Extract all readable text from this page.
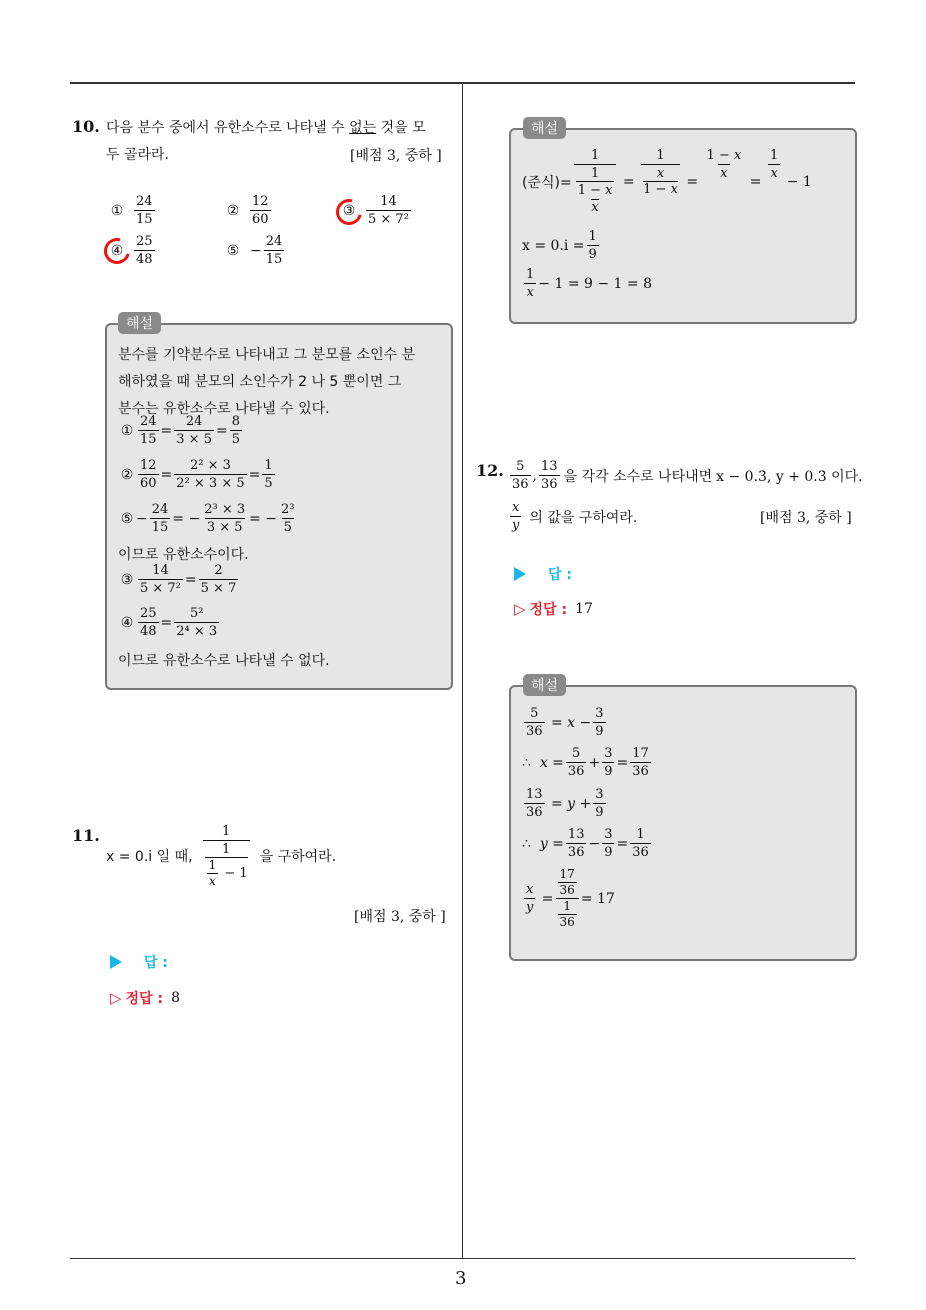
3
10. 다음 분수 중에서 유한소수로 나타낼 수 없는 것을 모
두 골라라.	[배점 3, 중하 ]
① $\frac{24}{15}$	② $\frac{12}{60}$	③ $\frac{14}{\text{5 × 7²}}$
④ $\frac{25}{48}$	⑤ − $\frac{24}{15}$
해설
분수를 기약분수로 나타내고 그 분모를 소인수 분
해하였을 때 분모의 소인수가 2 나 5 뿐이면 그
분수는 유한소수로 나타낼 수 있다.
① $\frac{24}{15} = \frac{24}{3 \times 5} = \frac{8}{5}$
② $\frac{12}{60} = \frac{\text{2² × 3}}{\text{2² × 3 × 5}} = \frac{1}{5}$
⑤ − $\frac{24}{15}$ = − $\frac{\text{2³ × 3}}{3 \times 5}$ = − $\frac{\text{2³}}{5}$
이므로 유한소수이다.
③ $\frac{14}{\text{5 × 7²}} = \frac{2}{5 \times 7}$
④ $\frac{25}{48} = \frac{\text{5²}}{\text{2⁴ × 3}}$
이므로 유한소수로 나타낼 수 없다.
11.
x = 0.i 일 때, 1
1
$\frac{1}{x} - 1$ 을 구하여라.
[배점 3, 중하 ]
답 :
▷ 정답 : 8
해설
(준식)= 1
1
1 − x
x = 1
x
1 − x =
$\frac{1 - x}{x}$
=
$\frac{1}{x}$
− 1
$x = 0.i = \frac{1}{9}$
$\frac{1}{x} - 1 = 9 - 1 = 8$
12. $\frac{5}{36}$ , $\frac{13}{36}$ 을 각각 소수로 나타내면 x − 0.3̇, y + 0.3̇ 이다.
$\frac{x}{y}$ 의 값을 구하여라.	[배점 3, 중하 ]
답 :
▷ 정답 : 17
해설
$\frac{5}{36} = x - \frac{3}{9}$
∴ $x = \frac{5}{36} + \frac{3}{9} = \frac{17}{36}$
$\frac{13}{36} = y + \frac{3}{9}$
∴ $y = \frac{13}{36} - \frac{3}{9} = \frac{1}{36}$
$\frac{x}{y} = \frac{\frac{17}{36}}{\frac{1}{36}} = 17$
